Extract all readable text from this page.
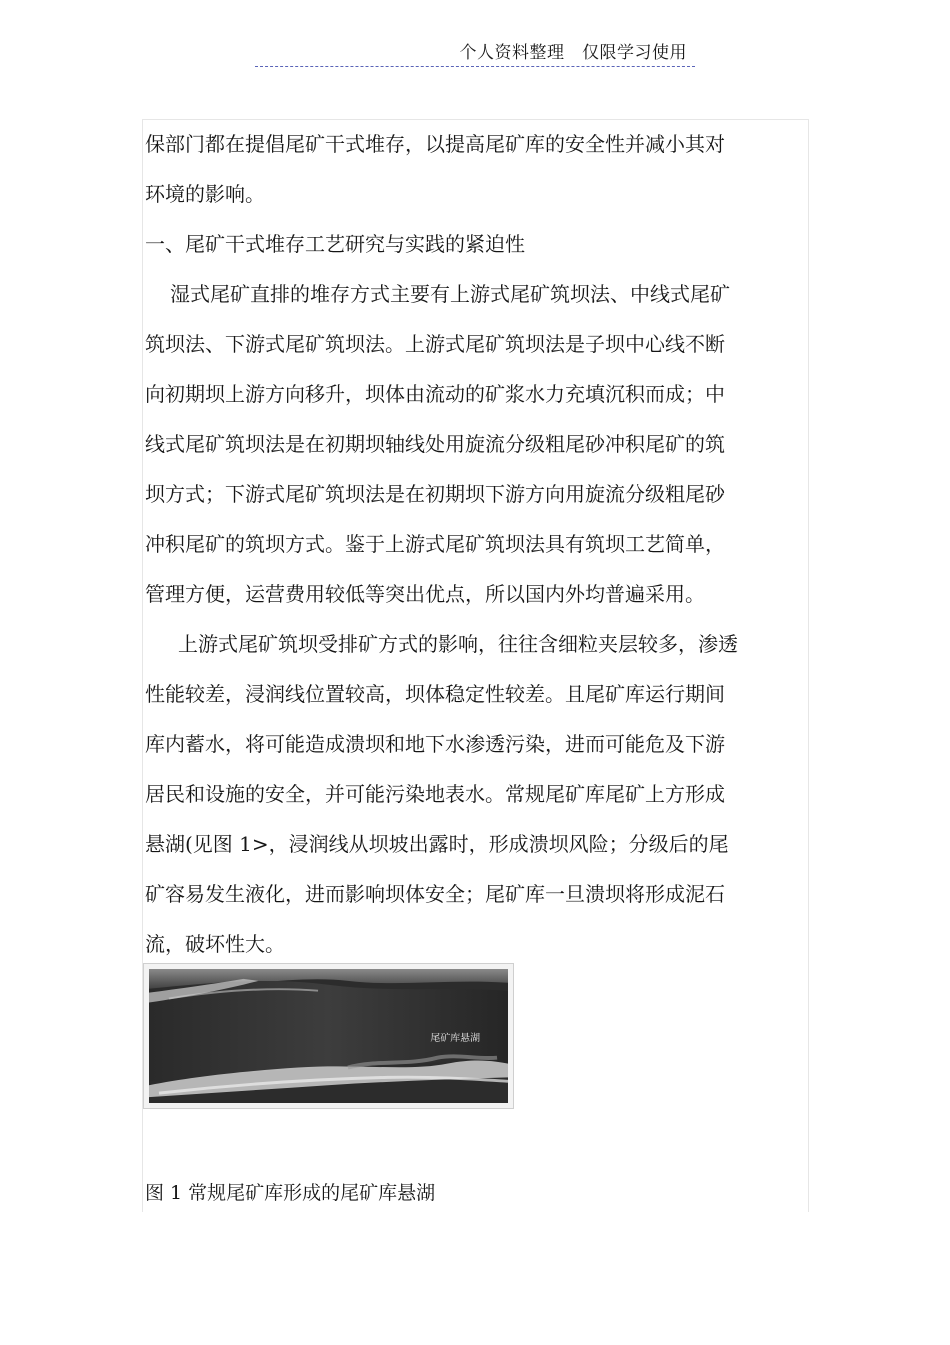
个人资料整理　仅限学习使用
保部门都在提倡尾矿干式堆存，以提高尾矿库的安全性并减小其对
环境的影响。
一、尾矿干式堆存工艺研究与实践的紧迫性
湿式尾矿直排的堆存方式主要有上游式尾矿筑坝法、中线式尾矿
筑坝法、下游式尾矿筑坝法。上游式尾矿筑坝法是子坝中心线不断
向初期坝上游方向移升，坝体由流动的矿浆水力充填沉积而成；中
线式尾矿筑坝法是在初期坝轴线处用旋流分级粗尾砂冲积尾矿的筑
坝方式；下游式尾矿筑坝法是在初期坝下游方向用旋流分级粗尾砂
冲积尾矿的筑坝方式。鉴于上游式尾矿筑坝法具有筑坝工艺简单，
管理方便，运营费用较低等突出优点，所以国内外均普遍采用。
上游式尾矿筑坝受排矿方式的影响，往往含细粒夹层较多，渗透
性能较差，浸润线位置较高，坝体稳定性较差。且尾矿库运行期间
库内蓄水，将可能造成溃坝和地下水渗透污染，进而可能危及下游
居民和设施的安全，并可能污染地表水。常规尾矿库尾矿上方形成
悬湖(见图 1>，浸润线从坝坡出露时，形成溃坝风险；分级后的尾
矿容易发生液化，进而影响坝体安全；尾矿库一旦溃坝将形成泥石
流，破坏性大。
尾矿库悬湖
图 1 常规尾矿库形成的尾矿库悬湖
